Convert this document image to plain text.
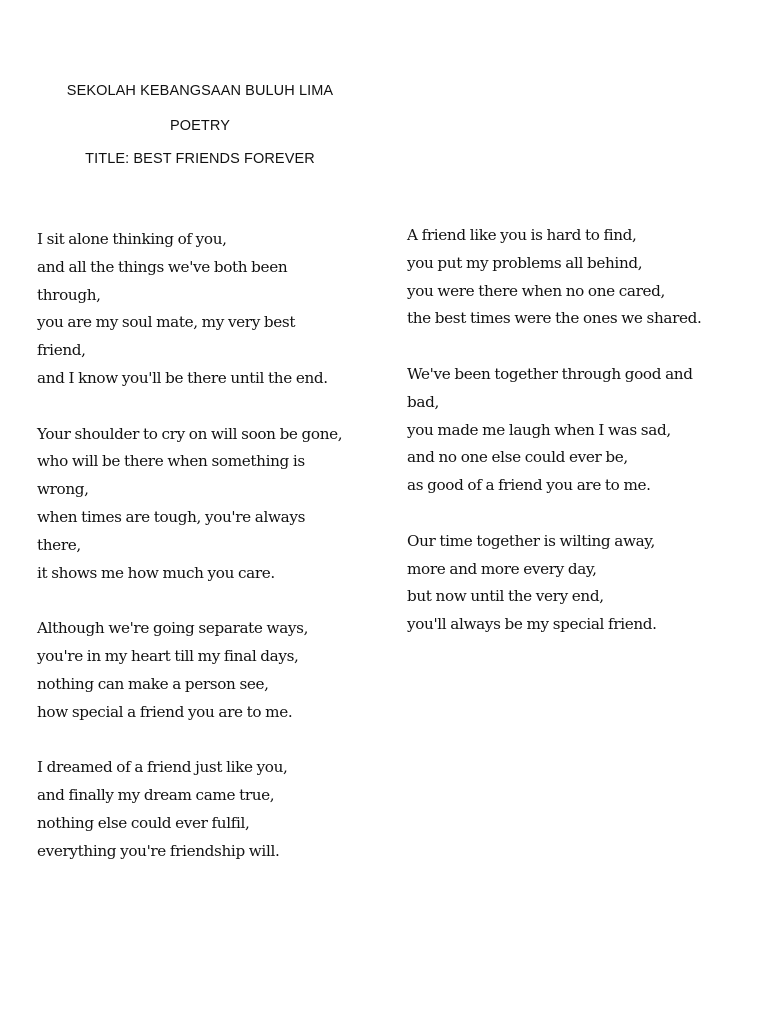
SEKOLAH KEBANGSAAN BULUH LIMA
POETRY
TITLE: BEST FRIENDS FOREVER
I sit alone thinking of you,
and all the things we've both been
through,
you are my soul mate, my very best
friend,
and I know you'll be there until the end.
Your shoulder to cry on will soon be gone,
who will be there when something is
wrong,
when times are tough, you're always
there,
it shows me how much you care.
Although we're going separate ways,
you're in my heart till my final days,
nothing can make a person see,
how special a friend you are to me.
I dreamed of a friend just like you,
and finally my dream came true,
nothing else could ever fulfil,
everything you're friendship will.
A friend like you is hard to find,
you put my problems all behind,
you were there when no one cared,
the best times were the ones we shared.
We've been together through good and
bad,
you made me laugh when I was sad,
and no one else could ever be,
as good of a friend you are to me.
Our time together is wilting away,
more and more every day,
but now until the very end,
you'll always be my special friend.
